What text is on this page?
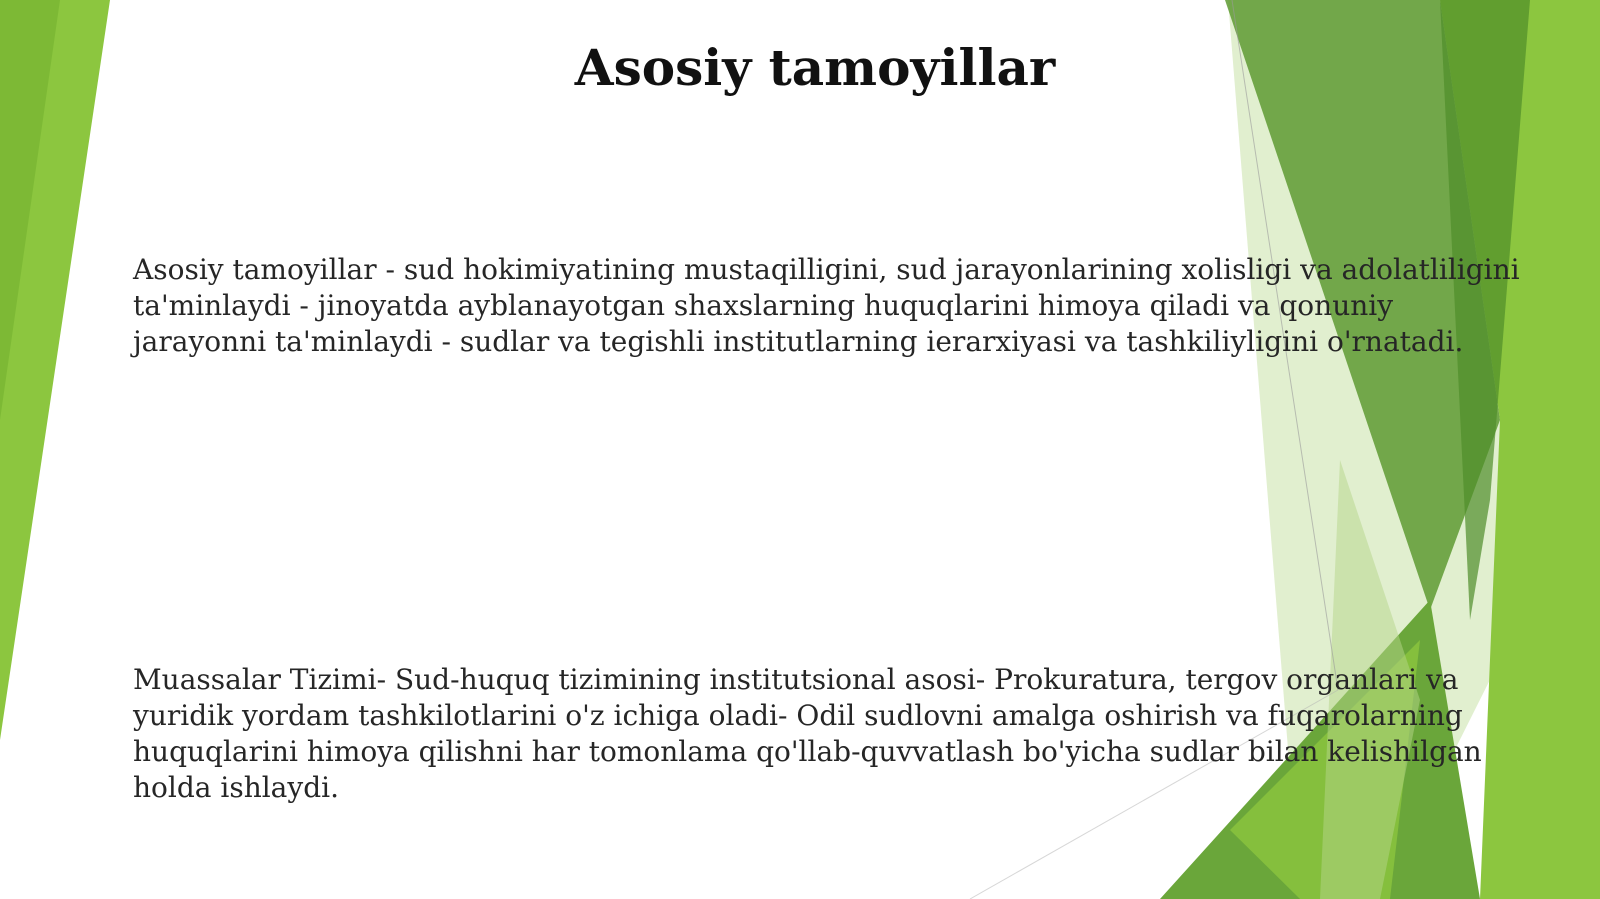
Asosiy tamoyillar

Asosiy tamoyillar - sud hokimiyatining mustaqilligini, sud jarayonlarining xolisligi va adolatliligini ta'minlaydi - jinoyatda ayblanayotgan shaxslarning huquqlarini himoya qiladi va qonuniy jarayonni ta'minlaydi - sudlar va tegishli institutlarning ierarxiyasi va tashkiliyligini o'rnatadi.

Muassalar Tizimi- Sud-huquq tizimining institutsional asosi- Prokuratura, tergov organlari va yuridik yordam tashkilotlarini o'z ichiga oladi- Odil sudlovni amalga oshirish va fuqarolarning huquqlarini himoya qilishni har tomonlama qo'llab-quvvatlash bo'yicha sudlar bilan kelishilgan holda ishlaydi.
